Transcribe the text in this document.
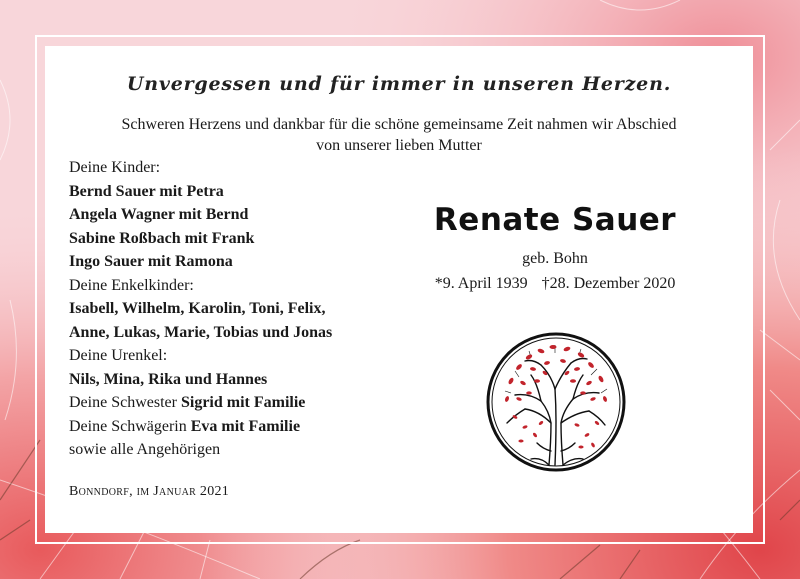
Unvergessen und für immer in unseren Herzen.
Schweren Herzens und dankbar für die schöne gemeinsame Zeit nahmen wir Abschied
von unserer lieben Mutter
Deine Kinder:
Bernd Sauer mit Petra
Angela Wagner mit Bernd
Sabine Roßbach mit Frank
Ingo Sauer mit Ramona
Deine Enkelkinder:
Isabell, Wilhelm, Karolin, Toni, Felix,
Anne, Lukas, Marie, Tobias und Jonas
Deine Urenkel:
Nils, Mina, Rika und Hannes
Deine Schwester Sigrid mit Familie
Deine Schwägerin Eva mit Familie
sowie alle Angehörigen
Renate Sauer
geb. Bohn
*9. April 1939 †28. Dezember 2020
Bonndorf, im Januar 2021
